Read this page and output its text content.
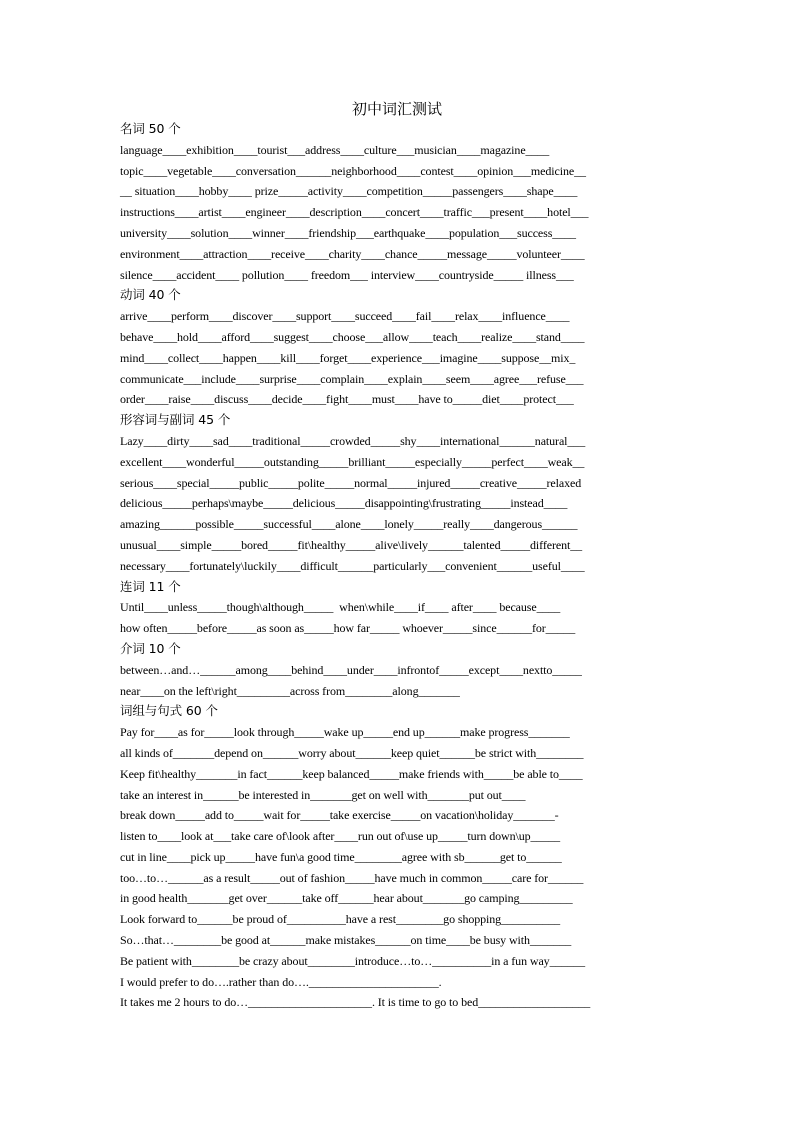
初中词汇测试
名词 50 个
language____exhibition____tourist___address____culture___musician____magazine____
topic____vegetable____conversation______neighborhood____contest____opinion___medicine__
__ situation____hobby____ prize_____activity____competition_____passengers____shape____
instructions____artist____engineer____description____concert____traffic___present____hotel___
university____solution____winner____friendship___earthquake____population___success____
environment____attraction____receive____charity____chance_____message_____volunteer____
silence____accident____ pollution____ freedom___ interview____countryside_____ illness___
动词 40 个
arrive____perform____discover____support____succeed____fail____relax____influence____
behave____hold____afford____suggest____choose___allow____teach____realize____stand____
mind____collect____happen____kill____forget____experience___imagine____suppose__mix_
communicate___include____surprise____complain____explain____seem____agree___refuse___
order____raise____discuss____decide____fight____must____have to_____diet____protect___
形容词与副词 45 个
Lazy____dirty____sad____traditional_____crowded_____shy____international______natural___
excellent____wonderful_____outstanding_____brilliant_____especially_____perfect____weak__
serious____special_____public_____polite_____normal_____injured_____creative_____relaxed
delicious_____perhaps\maybe_____delicious_____disappointing\frustrating_____instead____
amazing______possible_____successful____alone____lonely_____really____dangerous______
unusual____simple_____bored_____fit\healthy_____alive\lively______talented_____different__
necessary____fortunately\luckily____difficult______particularly___convenient______useful____
连词 11 个
Until____unless_____though\although_____  when\while____if____ after____ because____
how often_____before_____as soon as_____how far_____ whoever_____since______for_____
介词 10 个
between…and…______among____behind____under____infrontof_____except____nextto_____
near____on the left\right_________across from________along_______
词组与句式 60 个
Pay for____as for_____look through_____wake up_____end up______make progress_______
all kinds of_______depend on______worry about______keep quiet______be strict with________
Keep fit\healthy_______in fact______keep balanced_____make friends with_____be able to____
take an interest in______be interested in_______get on well with_______put out____
break down_____add to_____wait for_____take exercise_____on vacation\holiday_______-
listen to____look at___take care of\look after____run out of\use up_____turn down\up_____
cut in line____pick up_____have fun\a good time________agree with sb______get to______
too…to…______as a result_____out of fashion_____have much in common_____care for______
in good health_______get over______take off______hear about_______go camping_________
Look forward to______be proud of__________have a rest________go shopping__________
So…that…________be good at______make mistakes______on time____be busy with_______
Be patient with________be crazy about________introduce…to…__________in a fun way______
I would prefer to do….rather than do….______________________.
It takes me 2 hours to do…_____________________. It is time to go to bed___________________
